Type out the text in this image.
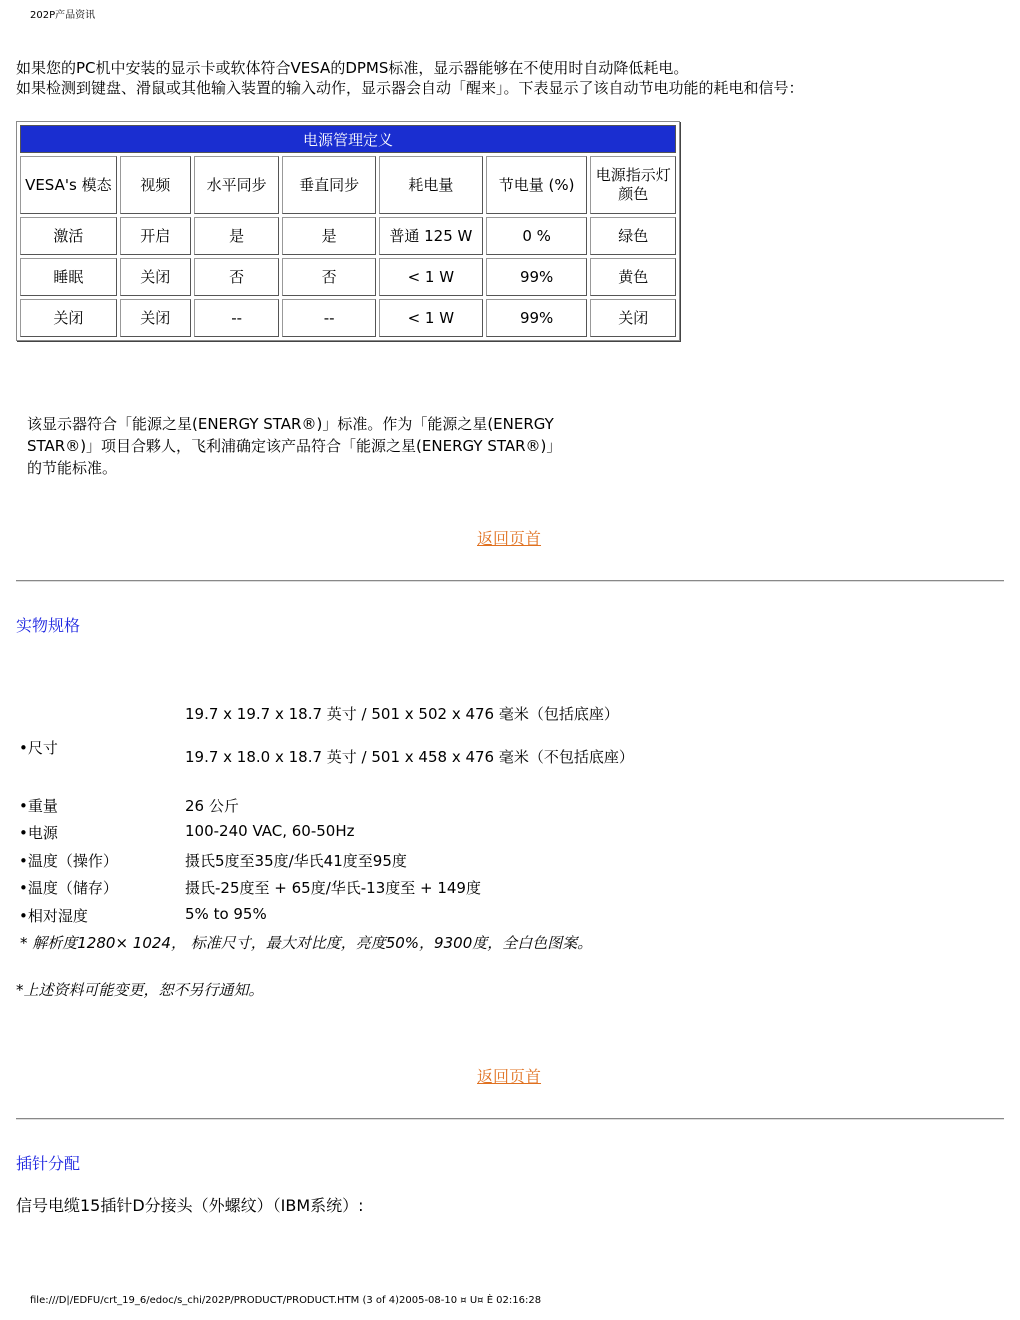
202P产品资讯
如果您的PC机中安装的显示卡或软体符合VESA的DPMS标准，显示器能够在不使用时自动降低耗电。
如果检测到键盘、滑鼠或其他输入装置的输入动作，显示器会自动「醒来」。下表显示了该自动节电功能的耗电和信号：
电源管理定义						
VESA's 模态	视频	水平同步	垂直同步	耗电量	节电量 (%)	电源指示灯颜色
激活	开启	是	是	普通 125 W	0 %	绿色
睡眠	关闭	否	否	< 1 W	99%	黄色
关闭	关闭	--	--	< 1 W	99%	关闭
该显示器符合「能源之星(ENERGY STAR®)」标准。作为「能源之星(ENERGY
STAR®)」项目合夥人，飞利浦确定该产品符合「能源之星(ENERGY STAR®)」
的节能标准。
返回页首
实物规格
•尺寸
19.7 x 19.7 x 18.7 英寸 / 501 x 502 x 476 毫米（包括底座）
19.7 x 18.0 x 18.7 英寸 / 501 x 458 x 476 毫米（不包括底座）
•重量	26 公斤
•电源	100-240 VAC, 60-50Hz
•温度（操作）	摄氏5度至35度/华氏41度至95度
•温度（储存）	摄氏-25度至 + 65度/华氏-13度至 + 149度
•相对湿度	5% to 95%
* 解析度1280× 1024， 标准尺寸，最大对比度，亮度50%，9300度，全白色图案。
*上述资料可能变更，恕不另行通知。
返回页首
插针分配
信号电缆15插针D分接头（外螺纹）（IBM系统）:
file:///D|/EDFU/crt_19_6/edoc/s_chi/202P/PRODUCT/PRODUCT.HTM (3 of 4)2005-08-10 ¤ U¤ È 02:16:28
